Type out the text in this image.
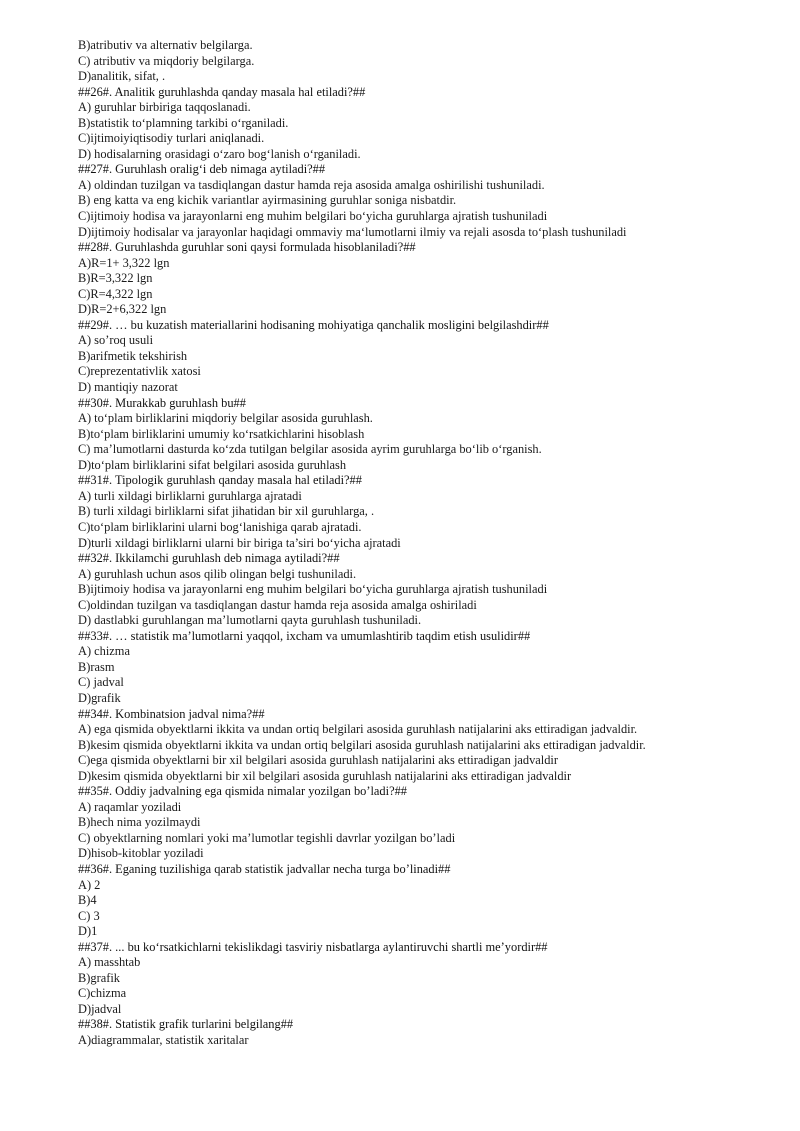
B)atributiv va alternativ belgilarga.
C) atributiv va miqdoriy belgilarga.
D)analitik, sifat, .
##26#. Analitik guruhlashda qanday masala hal etiladi?##
A) guruhlar birbiriga taqqoslanadi.
B)statistik to‘plamning tarkibi o‘rganiladi.
C)ijtimoiyiqtisodiy turlari aniqlanadi.
D) hodisalarning orasidagi o‘zaro bog‘lanish o‘rganiladi.
##27#. Guruhlash oralig‘i deb nimaga aytiladi?##
A) oldindan tuzilgan va tasdiqlangan dastur hamda reja asosida amalga oshirilishi tushuniladi.
B) eng katta va eng kichik variantlar ayirmasining guruhlar soniga nisbatdir.
C)ijtimoiy hodisa va jarayonlarni eng muhim belgilari bo‘yicha guruhlarga ajratish tushuniladi
D)ijtimoiy hodisalar va jarayonlar haqidagi ommaviy ma‘lumotlarni ilmiy va rejali asosda to‘plash tushuniladi
##28#. Guruhlashda guruhlar soni qaysi formulada hisoblaniladi?##
A)R=1+ 3,322 lgn
B)R=3,322 lgn
C)R=4,322 lgn
D)R=2+6,322 lgn
##29#. … bu kuzatish materiallarini hodisaning mohiyatiga qanchalik mosligini belgilashdir##
A) so’roq usuli
B)arifmetik tekshirish
C)reprezentativlik xatosi
D) mantiqiy nazorat
##30#. Murakkab guruhlash bu##
A) to‘plam birliklarini miqdoriy belgilar asosida guruhlash.
B)to‘plam birliklarini umumiy ko‘rsatkichlarini hisoblash
C) ma’lumotlarni dasturda ko‘zda tutilgan belgilar asosida ayrim guruhlarga bo‘lib o‘rganish.
D)to‘plam birliklarini sifat belgilari asosida guruhlash
##31#. Tipologik guruhlash qanday masala hal etiladi?##
A) turli xildagi birliklarni guruhlarga ajratadi
B) turli xildagi birliklarni sifat jihatidan bir xil guruhlarga, .
C)to‘plam birliklarini ularni bog‘lanishiga qarab ajratadi.
D)turli xildagi birliklarni ularni bir biriga ta’siri bo‘yicha ajratadi
##32#. Ikkilamchi guruhlash deb nimaga aytiladi?##
A) guruhlash uchun asos qilib olingan belgi tushuniladi.
B)ijtimoiy hodisa va jarayonlarni eng muhim belgilari bo‘yicha guruhlarga ajratish tushuniladi
C)oldindan tuzilgan va tasdiqlangan dastur hamda reja asosida amalga oshiriladi
D) dastlabki guruhlangan ma’lumotlarni qayta guruhlash tushuniladi.
##33#. … statistik ma’lumotlarni yaqqol, ixcham va umumlashtirib taqdim etish usulidir##
A) chizma
B)rasm
C) jadval
D)grafik
##34#. Kombinatsion jadval nima?##
A) ega qismida obyektlarni ikkita va undan ortiq belgilari asosida guruhlash natijalarini aks ettiradigan jadvaldir.
B)kesim qismida obyektlarni ikkita va undan ortiq belgilari asosida guruhlash natijalarini aks ettiradigan jadvaldir.
C)ega qismida obyektlarni bir xil belgilari asosida guruhlash natijalarini aks ettiradigan jadvaldir
D)kesim qismida obyektlarni bir xil belgilari asosida guruhlash natijalarini aks ettiradigan jadvaldir
##35#. Oddiy jadvalning ega qismida nimalar yozilgan bo’ladi?##
A) raqamlar yoziladi
B)hech nima yozilmaydi
C) obyektlarning nomlari yoki ma’lumotlar tegishli davrlar yozilgan bo’ladi
D)hisob-kitoblar yoziladi
##36#. Eganing tuzilishiga qarab statistik jadvallar necha turga bo’linadi##
A) 2
B)4
C) 3
D)1
##37#. ... bu ko‘rsatkichlarni tekislikdagi tasviriy nisbatlarga aylantiruvchi shartli me’yordir##
A) masshtab
B)grafik
C)chizma
D)jadval
##38#. Statistik grafik turlarini belgilang##
A)diagrammalar, statistik xaritalar
